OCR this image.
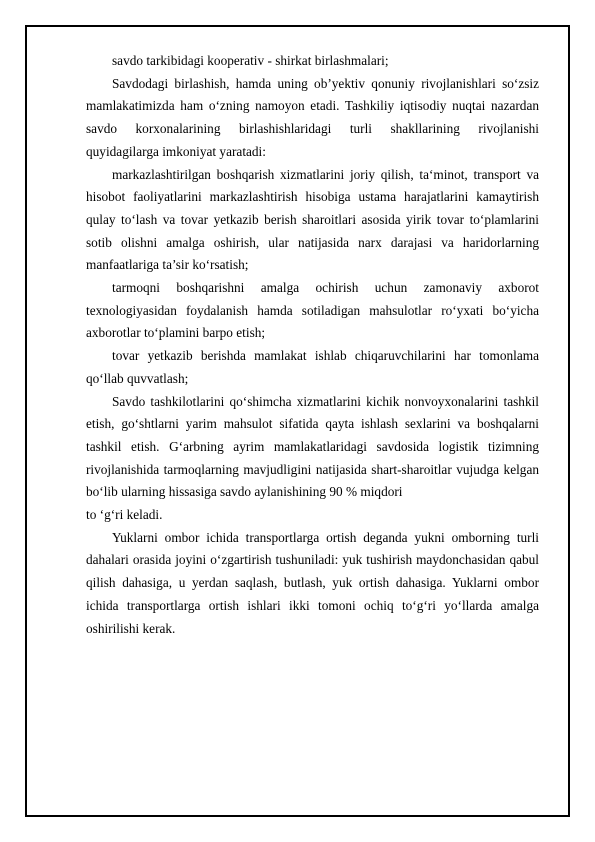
savdo tarkibidagi kooperativ - shirkat birlashmalari;

Savdodagi birlashish, hamda uning ob’yektiv qonuniy rivojlanishlari so‘zsiz mamlakatimizda ham o‘zning namoyon etadi. Tashkiliy iqtisodiy nuqtai nazardan savdo korxonalarining birlashishlaridagi turli shakllarining rivojlanishi quyidagilarga imkoniyat yaratadi:

markazlashtirilgan boshqarish xizmatlarini joriy qilish, ta‘minot, transport va hisobot faoliyatlarini markazlashtirish hisobiga ustama harajatlarini kamaytirish qulay to‘lash va tovar yetkazib berish sharoitlari asosida yirik tovar to‘plamlarini sotib olishni amalga oshirish, ular natijasida narx darajasi va haridorlarning manfaatlariga ta’sir ko‘rsatish;

tarmoqni boshqarishni amalga ochirish uchun zamonaviy axborot texnologiyasidan foydalanish hamda sotiladigan mahsulotlar ro‘yxati bo‘yicha axborotlar to‘plamini barpo etish;

tovar yetkazib berishda mamlakat ishlab chiqaruvchilarini har tomonlama qo‘llab quvvatlash;

Savdo tashkilotlarini qo‘shimcha xizmatlarini kichik nonvoyxonalarini tashkil etish, go‘shtlarni yarim mahsulot sifatida qayta ishlash sexlarini va boshqalarni tashkil etish. G‘arbning ayrim mamlakatlaridagi savdosida logistik tizimning rivojlanishida tarmoqlarning mavjudligini natijasida shart-sharoitlar vujudga kelgan bo‘lib ularning hissasiga savdo aylanishining 90 % miqdori

to ‘g‘ri keladi.

Yuklarni ombor ichida transportlarga ortish deganda yukni omborning turli dahalari orasida joyini o‘zgartirish tushuniladi: yuk tushirish maydonchasidan qabul qilish dahasiga, u yerdan saqlash, butlash, yuk ortish dahasiga. Yuklarni ombor ichida transportlarga ortish ishlari ikki tomoni ochiq to‘g‘ri yo‘llarda amalga oshirilishi kerak.
